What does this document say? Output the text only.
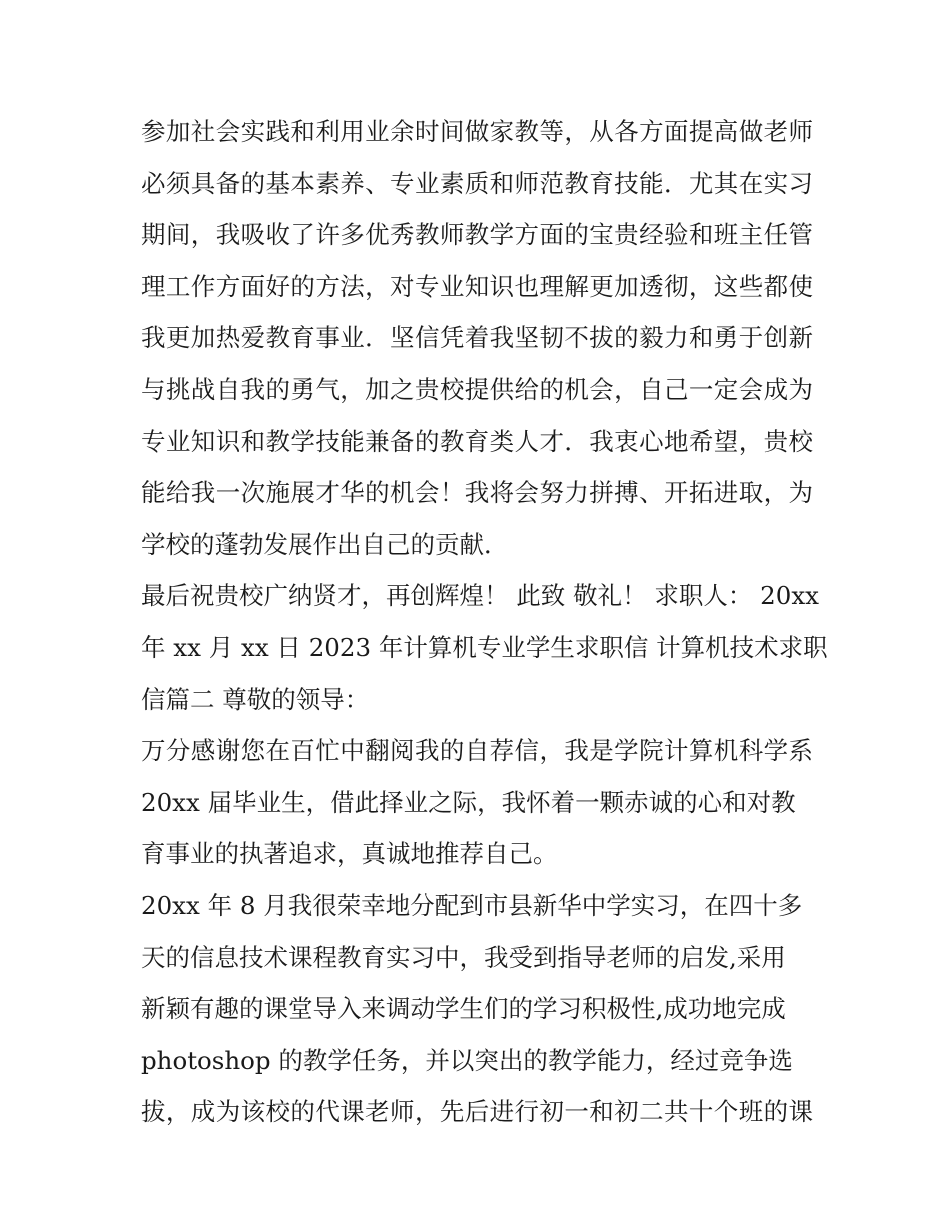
参加社会实践和利用业余时间做家教等，从各方面提高做老师
必须具备的基本素养、专业素质和师范教育技能．尤其在实习
期间，我吸收了许多优秀教师教学方面的宝贵经验和班主任管
理工作方面好的方法，对专业知识也理解更加透彻，这些都使
我更加热爱教育事业．坚信凭着我坚韧不拔的毅力和勇于创新
与挑战自我的勇气，加之贵校提供给的机会，自己一定会成为
专业知识和教学技能兼备的教育类人才．我衷心地希望，贵校
能给我一次施展才华的机会！我将会努力拼搏、开拓进取，为
学校的蓬勃发展作出自己的贡献．
最后祝贵校广纳贤才，再创辉煌！ 此致 敬礼！ 求职人： 20xx
年 xx 月 xx 日 2023 年计算机专业学生求职信 计算机技术求职
信篇二 尊敬的领导：
万分感谢您在百忙中翻阅我的自荐信，我是学院计算机科学系
20xx 届毕业生，借此择业之际，我怀着一颗赤诚的心和对教
育事业的执著追求，真诚地推荐自己。
20xx 年 8 月我很荣幸地分配到市县新华中学实习，在四十多
天的信息技术课程教育实习中，我受到指导老师的启发,采用
新颖有趣的课堂导入来调动学生们的学习积极性,成功地完成
photoshop 的教学任务，并以突出的教学能力，经过竞争选
拔，成为该校的代课老师，先后进行初一和初二共十个班的课
